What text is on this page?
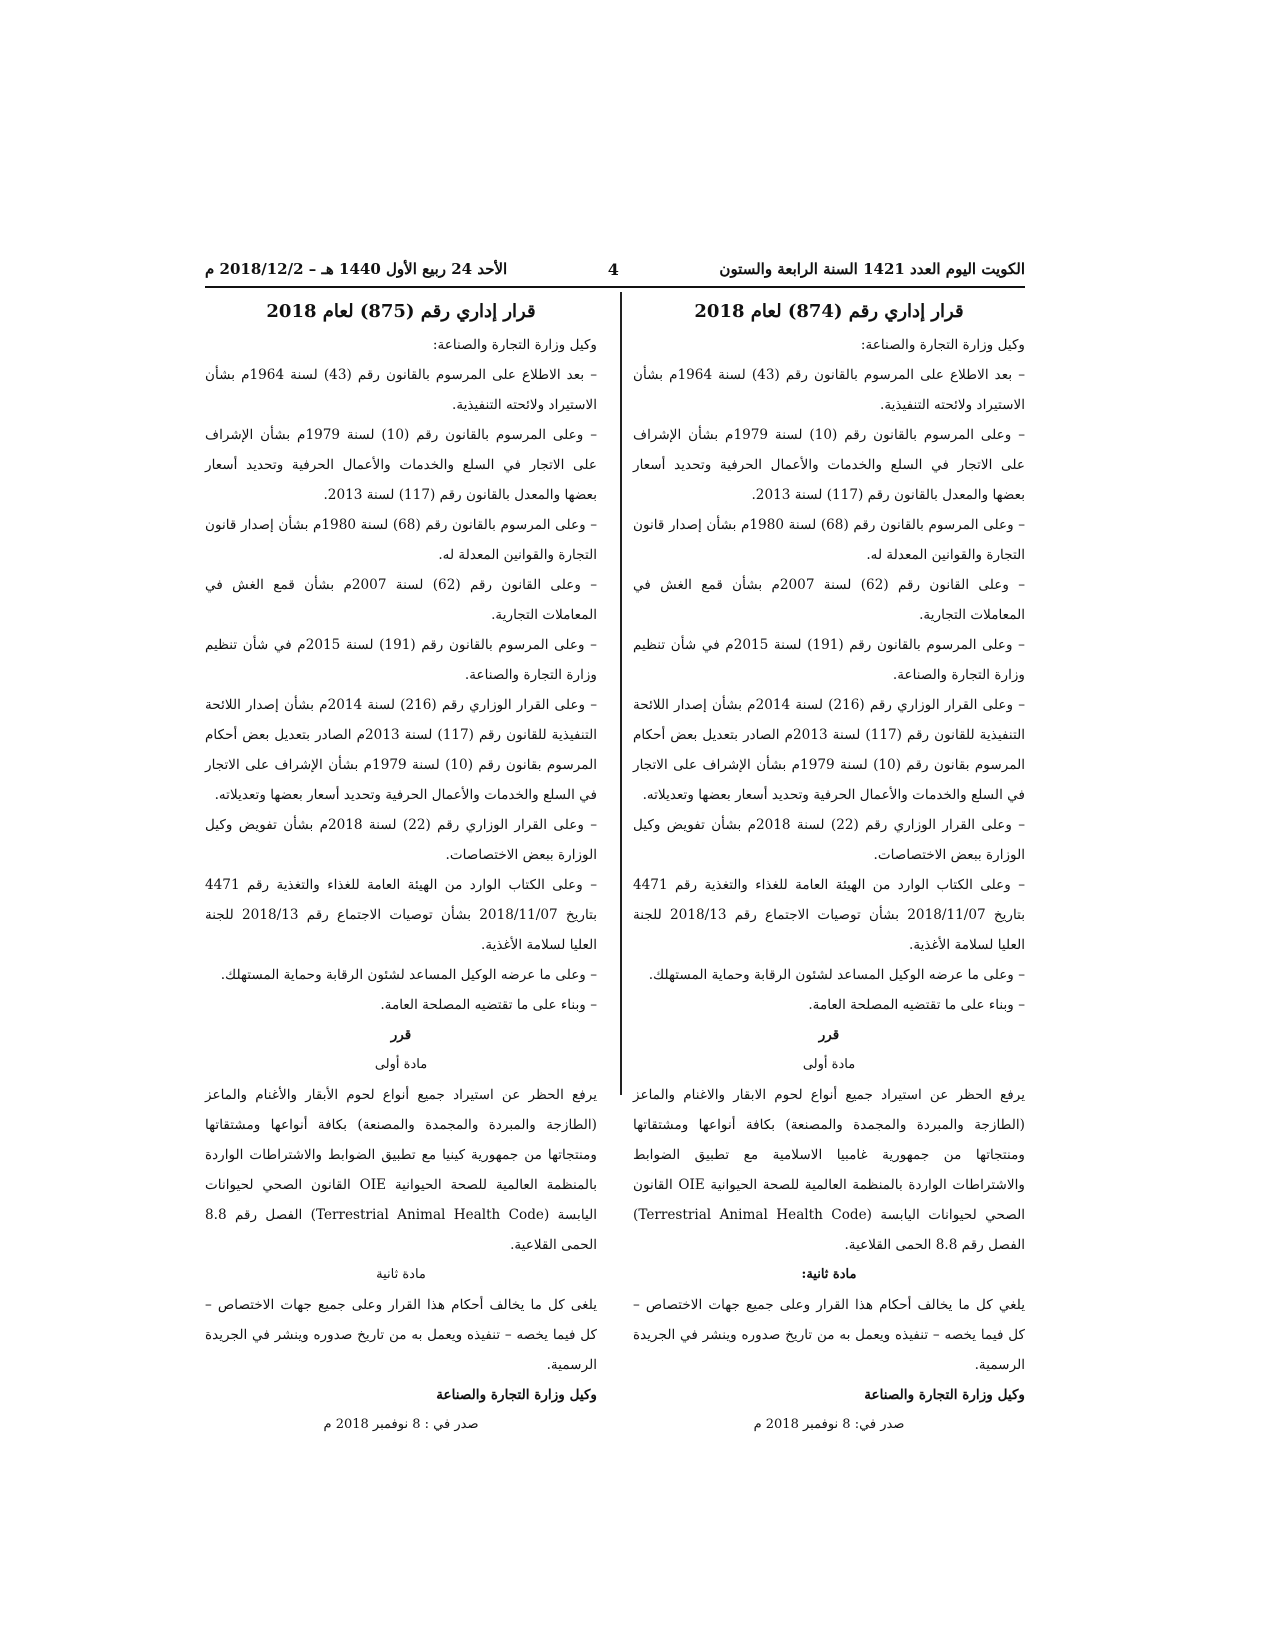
الكويت اليوم العدد 1421 السنة الرابعة والستون
4
الأحد 24 ربيع الأول 1440 هـ – 2018/12/2 م
قرار إداري رقم (874) لعام 2018

وكيل وزارة التجارة والصناعة:

– بعد الاطلاع على المرسوم بالقانون رقم (43) لسنة 1964م بشأن الاستيراد ولائحته التنفيذية.

– وعلى المرسوم بالقانون رقم (10) لسنة 1979م بشأن الإشراف على الاتجار في السلع والخدمات والأعمال الحرفية وتحديد أسعار بعضها والمعدل بالقانون رقم (117) لسنة 2013.

– وعلى المرسوم بالقانون رقم (68) لسنة 1980م بشأن إصدار قانون التجارة والقوانين المعدلة له.

– وعلى القانون رقم (62) لسنة 2007م بشأن قمع الغش في المعاملات التجارية.

– وعلى المرسوم بالقانون رقم (191) لسنة 2015م في شأن تنظيم وزارة التجارة والصناعة.

– وعلى القرار الوزاري رقم (216) لسنة 2014م بشأن إصدار اللائحة التنفيذية للقانون رقم (117) لسنة 2013م الصادر بتعديل بعض أحكام المرسوم بقانون رقم (10) لسنة 1979م بشأن الإشراف على الاتجار في السلع والخدمات والأعمال الحرفية وتحديد أسعار بعضها وتعديلاته.

– وعلى القرار الوزاري رقم (22) لسنة 2018م بشأن تفويض وكيل الوزارة ببعض الاختصاصات.

– وعلى الكتاب الوارد من الهيئة العامة للغذاء والتغذية رقم 4471 بتاريخ 2018/11/07 بشأن توصيات الاجتماع رقم 2018/13 للجنة العليا لسلامة الأغذية.

– وعلى ما عرضه الوكيل المساعد لشئون الرقابة وحماية المستهلك.

– وبناء على ما تقتضيه المصلحة العامة.

قرر

مادة أولى

يرفع الحظر عن استيراد جميع أنواع لحوم الابقار والاغنام والماعز (الطازجة والمبردة والمجمدة والمصنعة) بكافة أنواعها ومشتقاتها ومنتجاتها من جمهورية غامبيا الاسلامية مع تطبيق الضوابط والاشتراطات الواردة بالمنظمة العالمية للصحة الحيوانية OIE القانون الصحي لحيوانات اليابسة (Terrestrial Animal Health Code) الفصل رقم 8.8 الحمى القلاعية.

مادة ثانية:

يلغي كل ما يخالف أحكام هذا القرار وعلى جميع جهات الاختصاص – كل فيما يخصه – تنفيذه ويعمل به من تاريخ صدوره وينشر في الجريدة الرسمية.

وكيل وزارة التجارة والصناعة

صدر في: 8 نوفمبر 2018 م

قرار إداري رقم (875) لعام 2018

وكيل وزارة التجارة والصناعة:

– بعد الاطلاع على المرسوم بالقانون رقم (43) لسنة 1964م بشأن الاستيراد ولائحته التنفيذية.

– وعلى المرسوم بالقانون رقم (10) لسنة 1979م بشأن الإشراف على الاتجار في السلع والخدمات والأعمال الحرفية وتحديد أسعار بعضها والمعدل بالقانون رقم (117) لسنة 2013.

– وعلى المرسوم بالقانون رقم (68) لسنة 1980م بشأن إصدار قانون التجارة والقوانين المعدلة له.

– وعلى القانون رقم (62) لسنة 2007م بشأن قمع الغش في المعاملات التجارية.

– وعلى المرسوم بالقانون رقم (191) لسنة 2015م في شأن تنظيم وزارة التجارة والصناعة.

– وعلى القرار الوزاري رقم (216) لسنة 2014م بشأن إصدار اللائحة التنفيذية للقانون رقم (117) لسنة 2013م الصادر بتعديل بعض أحكام المرسوم بقانون رقم (10) لسنة 1979م بشأن الإشراف على الاتجار في السلع والخدمات والأعمال الحرفية وتحديد أسعار بعضها وتعديلاته.

– وعلى القرار الوزاري رقم (22) لسنة 2018م بشأن تفويض وكيل الوزارة ببعض الاختصاصات.

– وعلى الكتاب الوارد من الهيئة العامة للغذاء والتغذية رقم 4471 بتاريخ 2018/11/07 بشأن توصيات الاجتماع رقم 2018/13 للجنة العليا لسلامة الأغذية.

– وعلى ما عرضه الوكيل المساعد لشئون الرقابة وحماية المستهلك.

– وبناء على ما تقتضيه المصلحة العامة.

قرر

مادة أولى

يرفع الحظر عن استيراد جميع أنواع لحوم الأبقار والأغنام والماعز (الطازجة والمبردة والمجمدة والمصنعة) بكافة أنواعها ومشتقاتها ومنتجاتها من جمهورية كينيا مع تطبيق الضوابط والاشتراطات الواردة بالمنظمة العالمية للصحة الحيوانية OIE القانون الصحي لحيوانات اليابسة (Terrestrial Animal Health Code) الفصل رقم 8.8 الحمى القلاعية.

مادة ثانية

يلغى كل ما يخالف أحكام هذا القرار وعلى جميع جهات الاختصاص – كل فيما يخصه – تنفيذه ويعمل به من تاريخ صدوره وينشر في الجريدة الرسمية.

وكيل وزارة التجارة والصناعة

صدر في : 8 نوفمبر 2018 م
